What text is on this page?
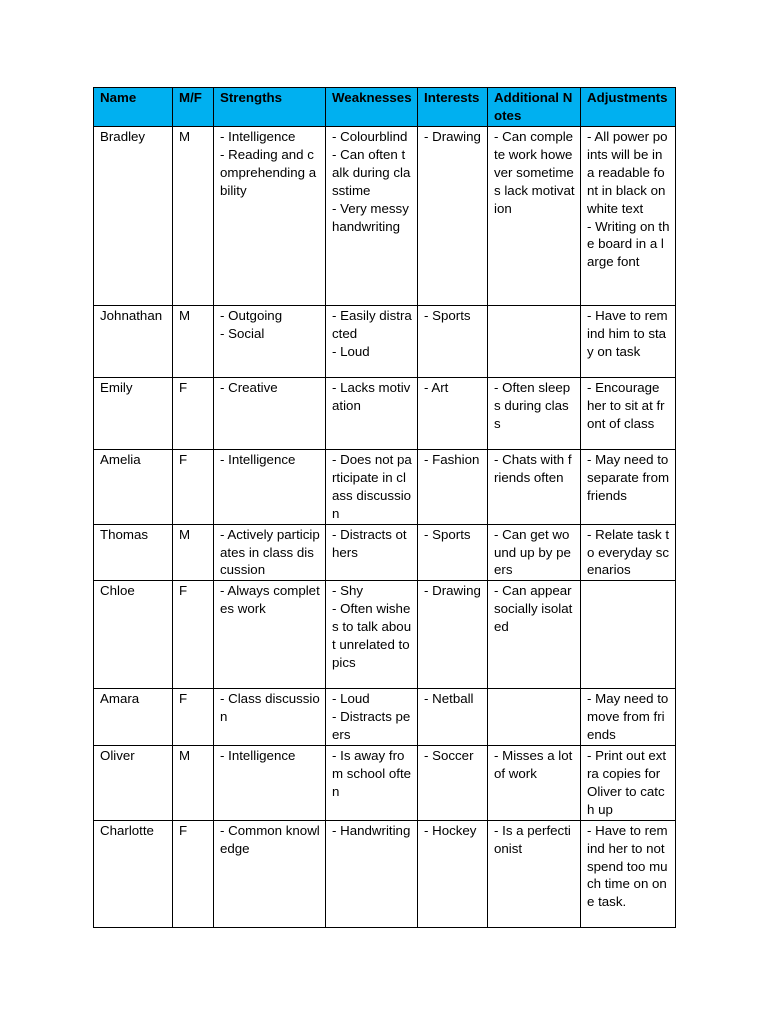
Name	M/F	Strengths	Weaknesses	Interests	Additional Notes	Adjustments
Bradley	M	- Intelligence
- Reading and comprehending ability	- Colourblind
- Can often talk during classtime
- Very messy handwriting	- Drawing	- Can complete work however sometimes lack motivation	- All power points will be in a readable font in black on white text
- Writing on the board in a large font

Johnathan	M	- Outgoing
- Social	- Easily distracted
- Loud	- Sports		- Have to remind him to stay on task

Emily	F	- Creative	- Lacks motivation	- Art	- Often sleeps during class	- Encourage her to sit at front of class

Amelia	F	- Intelligence	- Does not participate in class discussion	- Fashion	- Chats with friends often	- May need to separate from friends

Thomas	M	- Actively participates in class discussion	- Distracts others	- Sports	- Can get wound up by peers	- Relate task to everyday scenarios

Chloe	F	- Always completes work	- Shy
- Often wishes to talk about unrelated topics	- Drawing	- Can appear socially isolated	

Amara	F	- Class discussion	- Loud
- Distracts peers	- Netball		- May need to move from friends

Oliver	M	- Intelligence	- Is away from school often	- Soccer	- Misses a lot of work	- Print out extra copies for Oliver to catch up

Charlotte	F	- Common knowledge	- Handwriting	- Hockey	- Is a perfectionist	- Have to remind her to not spend too much time on one task.
